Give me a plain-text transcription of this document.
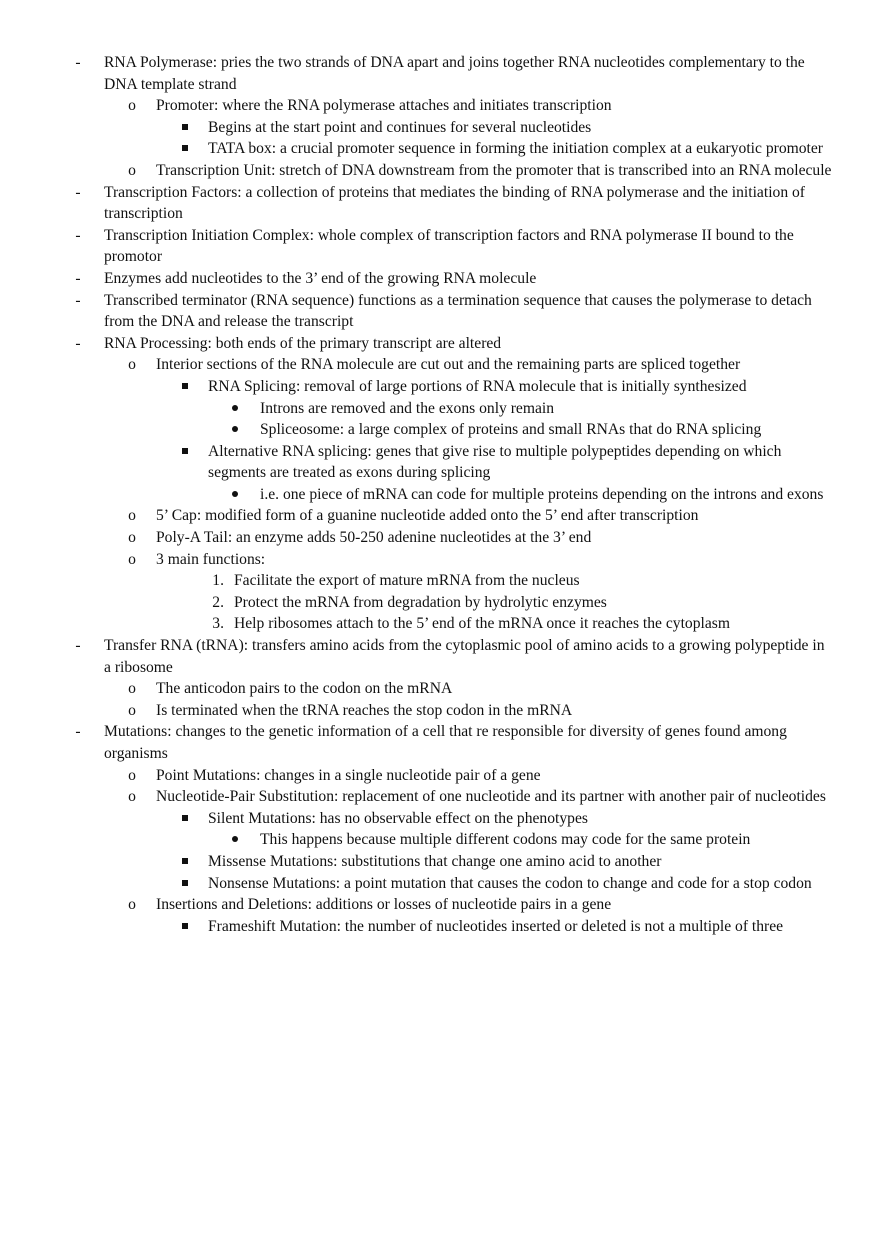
- RNA Polymerase: pries the two strands of DNA apart and joins together RNA nucleotides complementary to the DNA template strand
o Promoter: where the RNA polymerase attaches and initiates transcription
Begins at the start point and continues for several nucleotides
TATA box: a crucial promoter sequence in forming the initiation complex at a eukaryotic promoter
o Transcription Unit: stretch of DNA downstream from the promoter that is transcribed into an RNA molecule
- Transcription Factors: a collection of proteins that mediates the binding of RNA polymerase and the initiation of transcription
- Transcription Initiation Complex: whole complex of transcription factors and RNA polymerase II bound to the promotor
- Enzymes add nucleotides to the 3’ end of the growing RNA molecule
- Transcribed terminator (RNA sequence) functions as a termination sequence that causes the polymerase to detach from the DNA and release the transcript
- RNA Processing: both ends of the primary transcript are altered
o Interior sections of the RNA molecule are cut out and the remaining parts are spliced together
RNA Splicing: removal of large portions of RNA molecule that is initially synthesized
Introns are removed and the exons only remain
Spliceosome: a large complex of proteins and small RNAs that do RNA splicing
Alternative RNA splicing: genes that give rise to multiple polypeptides depending on which segments are treated as exons during splicing
i.e. one piece of mRNA can code for multiple proteins depending on the introns and exons
o 5’ Cap: modified form of a guanine nucleotide added onto the 5’ end after transcription
o Poly-A Tail: an enzyme adds 50-250 adenine nucleotides at the 3’ end
o 3 main functions:
1. Facilitate the export of mature mRNA from the nucleus
2. Protect the mRNA from degradation by hydrolytic enzymes
3. Help ribosomes attach to the 5’ end of the mRNA once it reaches the cytoplasm
- Transfer RNA (tRNA): transfers amino acids from the cytoplasmic pool of amino acids to a growing polypeptide in a ribosome
o The anticodon pairs to the codon on the mRNA
o Is terminated when the tRNA reaches the stop codon in the mRNA
- Mutations: changes to the genetic information of a cell that re responsible for diversity of genes found among organisms
o Point Mutations: changes in a single nucleotide pair of a gene
o Nucleotide-Pair Substitution: replacement of one nucleotide and its partner with another pair of nucleotides
Silent Mutations: has no observable effect on the phenotypes
This happens because multiple different codons may code for the same protein
Missense Mutations: substitutions that change one amino acid to another
Nonsense Mutations: a point mutation that causes the codon to change and code for a stop codon
o Insertions and Deletions: additions or losses of nucleotide pairs in a gene
Frameshift Mutation: the number of nucleotides inserted or deleted is not a multiple of three
